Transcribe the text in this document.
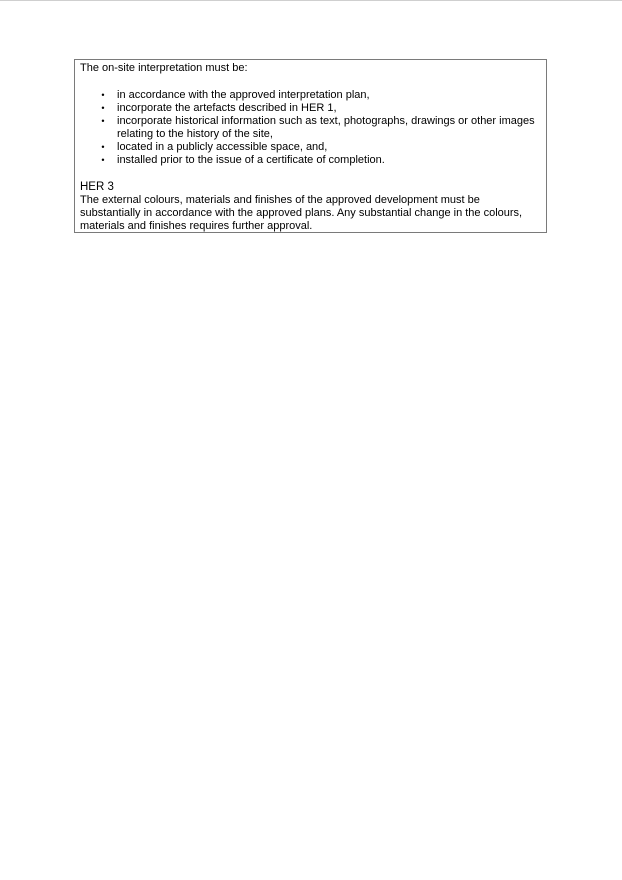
The on-site interpretation must be:

•	in accordance with the approved interpretation plan,
•	incorporate the artefacts described in HER 1,
•	incorporate historical information such as text, photographs, drawings or other images relating to the history of the site,
•	located in a publicly accessible space, and,
•	installed prior to the issue of a certificate of completion.

HER 3

The external colours, materials and finishes of the approved development must be substantially in accordance with the approved plans. Any substantial change in the colours, materials and finishes requires further approval.
